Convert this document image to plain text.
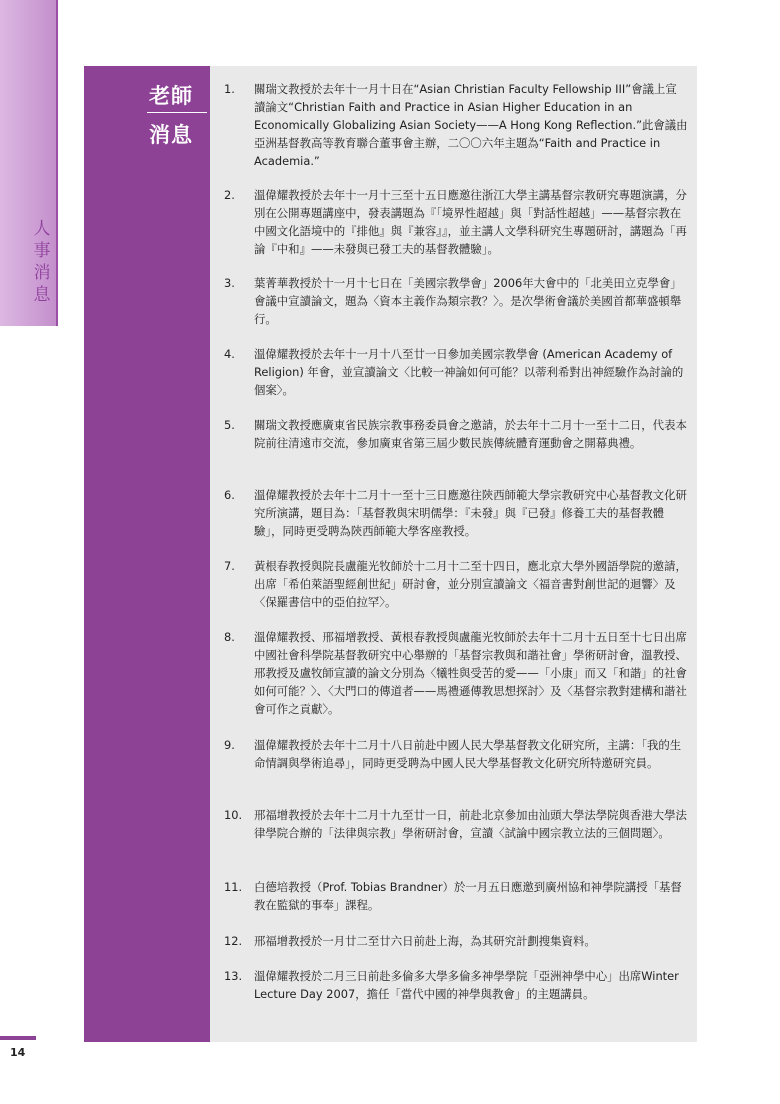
人
事
消
息
老師
消息
1.	關瑞文教授於去年十一月十日在“Asian Christian Faculty Fellowship III”會議上宣讀論文“Christian Faith and Practice in Asian Higher Education in an Economically Globalizing Asian Society——A Hong Kong Reflection.”此會議由亞洲基督教高等教育聯合董事會主辦，二〇〇六年主題為“Faith and Practice in Academia.”
2.	溫偉耀教授於去年十一月十三至十五日應邀往浙江大學主講基督宗教研究專題演講，分別在公開專題講座中，發表講題為『「境界性超越」與「對話性超越」——基督宗教在中國文化語境中的『排他』與『兼容』』，並主講人文學科研究生專題研討，講題為「再論『中和』——未發與已發工夫的基督教體驗」。
3.	葉菁華教授於十一月十七日在「美國宗教學會」2006年大會中的「北美田立克學會」會議中宣讀論文，題為〈資本主義作為類宗教？〉。是次學術會議於美國首都華盛頓舉行。
4.	溫偉耀教授於去年十一月十八至廿一日參加美國宗教學會 (American Academy of Religion) 年會，並宣讀論文〈比較一神論如何可能？以蒂利希對出神經驗作為討論的個案〉。
5.	關瑞文教授應廣東省民族宗教事務委員會之邀請，於去年十二月十一至十二日，代表本院前往清遠市交流，參加廣東省第三屆少數民族傳統體育運動會之開幕典禮。
6.	溫偉耀教授於去年十二月十一至十三日應邀往陝西師範大學宗教研究中心基督教文化研究所演講，題目為：「基督教與宋明儒學：『未發』與『已發』修養工夫的基督教體驗」，同時更受聘為陝西師範大學客座教授。
7.	黃根春教授與院長盧龍光牧師於十二月十二至十四日，應北京大學外國語學院的邀請，出席「希伯萊語聖經創世紀」研討會，並分別宣讀論文〈福音書對創世記的迴響〉及〈保羅書信中的亞伯拉罕〉。
8.	溫偉耀教授、邢福增教授、黃根春教授與盧龍光牧師於去年十二月十五日至十七日出席中國社會科學院基督教研究中心舉辦的「基督宗教與和諧社會」學術研討會，溫教授、邢教授及盧牧師宣讀的論文分別為〈犧牲與受苦的愛——「小康」而又「和諧」的社會如何可能？〉、〈大門口的傳道者——馬禮遜傳教思想探討〉及〈基督宗教對建構和諧社會可作之貢獻〉。
9.	溫偉耀教授於去年十二月十八日前赴中國人民大學基督教文化研究所，主講：「我的生命情調與學術追尋」，同時更受聘為中國人民大學基督教文化研究所特邀研究員。
10.	邢福增教授於去年十二月十九至廿一日，前赴北京參加由汕頭大學法學院與香港大學法律學院合辦的「法律與宗教」學術研討會，宣讀〈試論中國宗教立法的三個問題〉。
11.	白德培教授（Prof. Tobias Brandner）於一月五日應邀到廣州協和神學院講授「基督教在監獄的事奉」課程。
12.	邢福增教授於一月廿二至廿六日前赴上海，為其研究計劃搜集資料。
13.	溫偉耀教授於二月三日前赴多倫多大學多倫多神學學院「亞洲神學中心」出席Winter Lecture Day 2007，擔任「當代中國的神學與教會」的主題講員。
14
